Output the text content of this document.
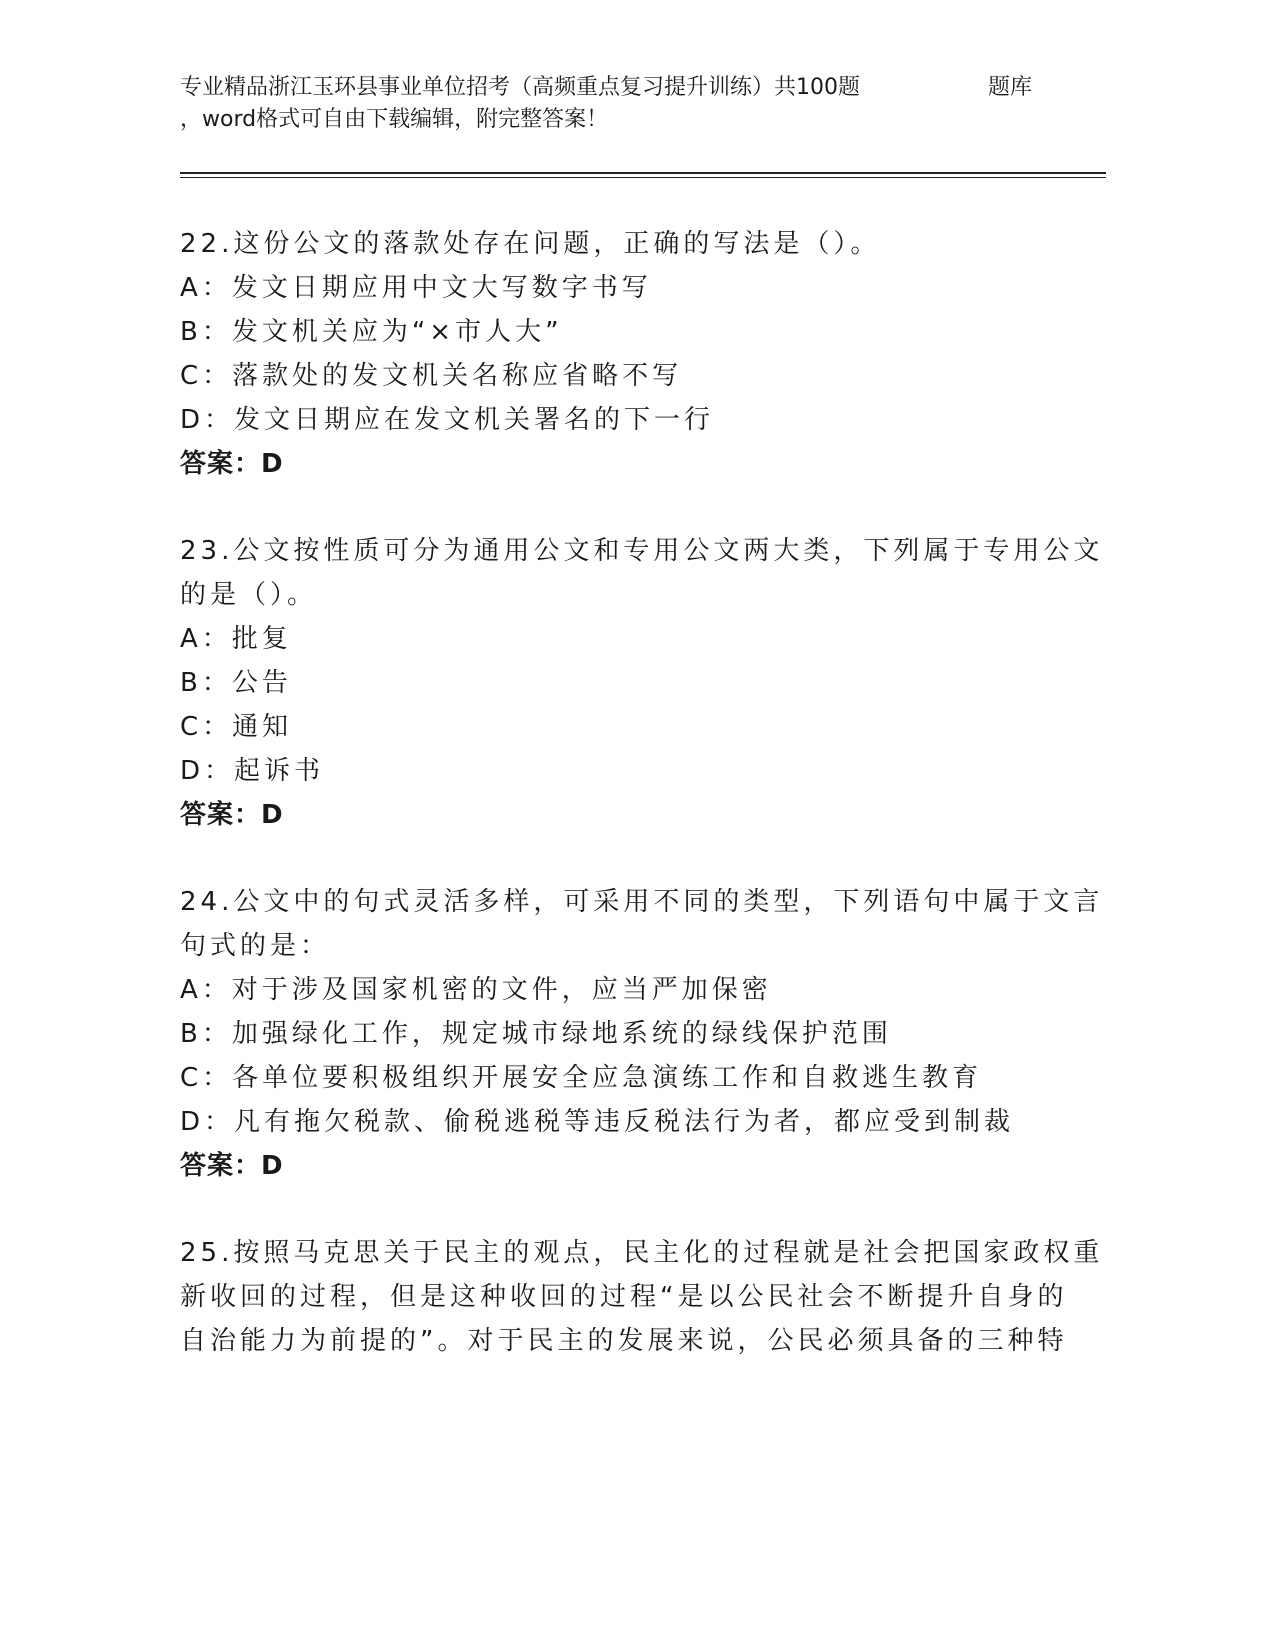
专业精品浙江玉环县事业单位招考（高频重点复习提升训练）共100题	题库
，word格式可自由下载编辑，附完整答案！
22.这份公文的落款处存在问题，正确的写法是（）。
A：发文日期应用中文大写数字书写
B：发文机关应为“×市人大”
C：落款处的发文机关名称应省略不写
D：发文日期应在发文机关署名的下一行
答案：D
23.公文按性质可分为通用公文和专用公文两大类，下列属于专用公文
的是（）。
A：批复
B：公告
C：通知
D：起诉书
答案：D
24.公文中的句式灵活多样，可采用不同的类型，下列语句中属于文言
句式的是：
A：对于涉及国家机密的文件，应当严加保密
B：加强绿化工作，规定城市绿地系统的绿线保护范围
C：各单位要积极组织开展安全应急演练工作和自救逃生教育
D：凡有拖欠税款、偷税逃税等违反税法行为者，都应受到制裁
答案：D
25.按照马克思关于民主的观点，民主化的过程就是社会把国家政权重
新收回的过程，但是这种收回的过程“是以公民社会不断提升自身的
自治能力为前提的”。对于民主的发展来说，公民必须具备的三种特
